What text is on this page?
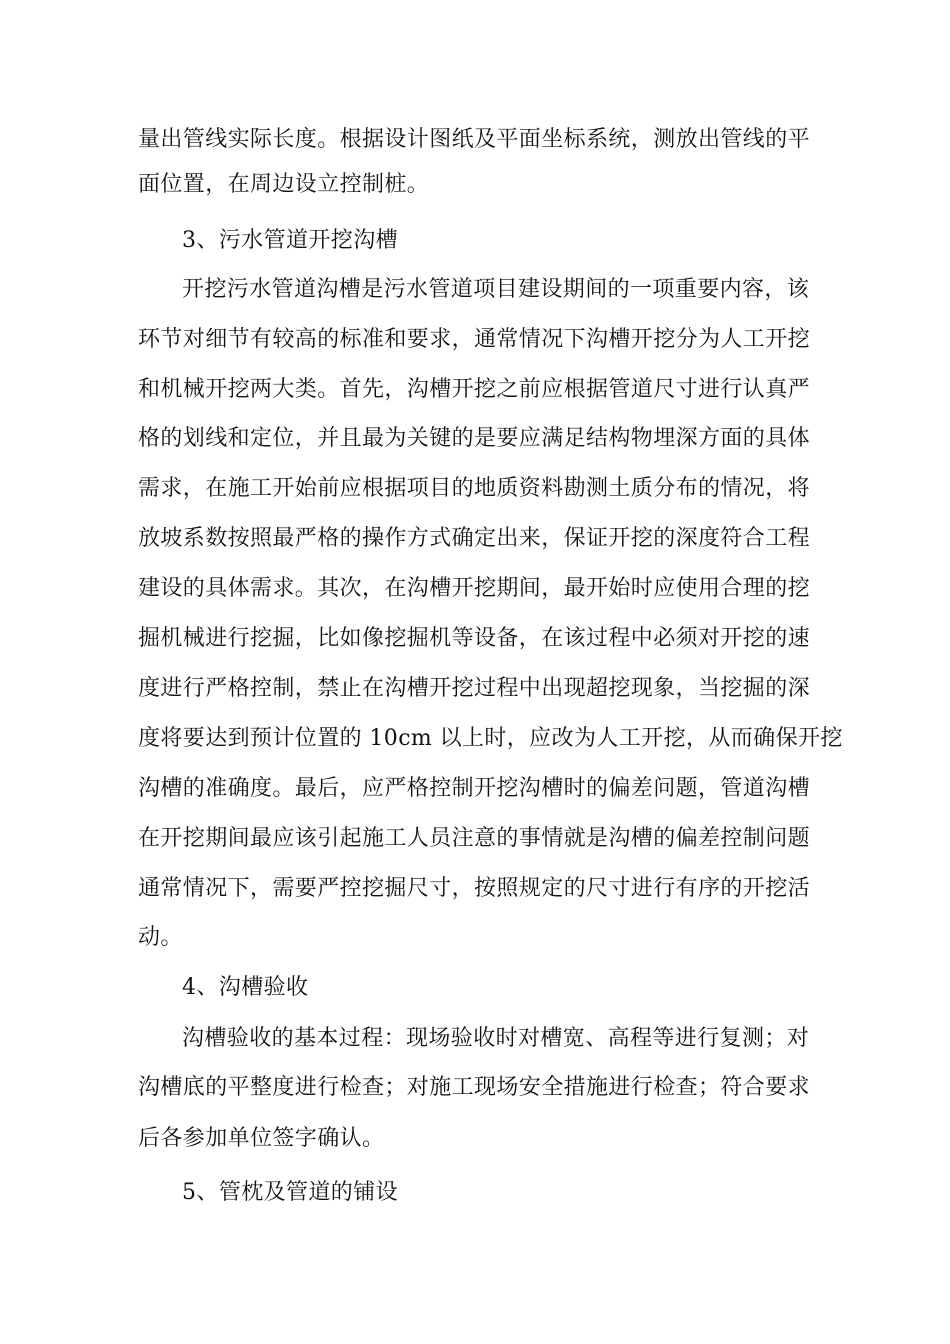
量出管线实际长度。根据设计图纸及平面坐标系统，测放出管线的平
面位置，在周边设立控制桩。
3、污水管道开挖沟槽
开挖污水管道沟槽是污水管道项目建设期间的一项重要内容，该
环节对细节有较高的标准和要求，通常情况下沟槽开挖分为人工开挖
和机械开挖两大类。首先，沟槽开挖之前应根据管道尺寸进行认真严
格的划线和定位，并且最为关键的是要应满足结构物埋深方面的具体
需求，在施工开始前应根据项目的地质资料勘测土质分布的情况，将
放坡系数按照最严格的操作方式确定出来，保证开挖的深度符合工程
建设的具体需求。其次，在沟槽开挖期间，最开始时应使用合理的挖
掘机械进行挖掘，比如像挖掘机等设备，在该过程中必须对开挖的速
度进行严格控制，禁止在沟槽开挖过程中出现超挖现象，当挖掘的深
度将要达到预计位置的 10cm 以上时，应改为人工开挖，从而确保开挖
沟槽的准确度。最后，应严格控制开挖沟槽时的偏差问题，管道沟槽
在开挖期间最应该引起施工人员注意的事情就是沟槽的偏差控制问题
通常情况下，需要严控挖掘尺寸，按照规定的尺寸进行有序的开挖活
动。
4、沟槽验收
沟槽验收的基本过程：现场验收时对槽宽、高程等进行复测；对
沟槽底的平整度进行检查；对施工现场安全措施进行检查；符合要求
后各参加单位签字确认。
5、管枕及管道的铺设
